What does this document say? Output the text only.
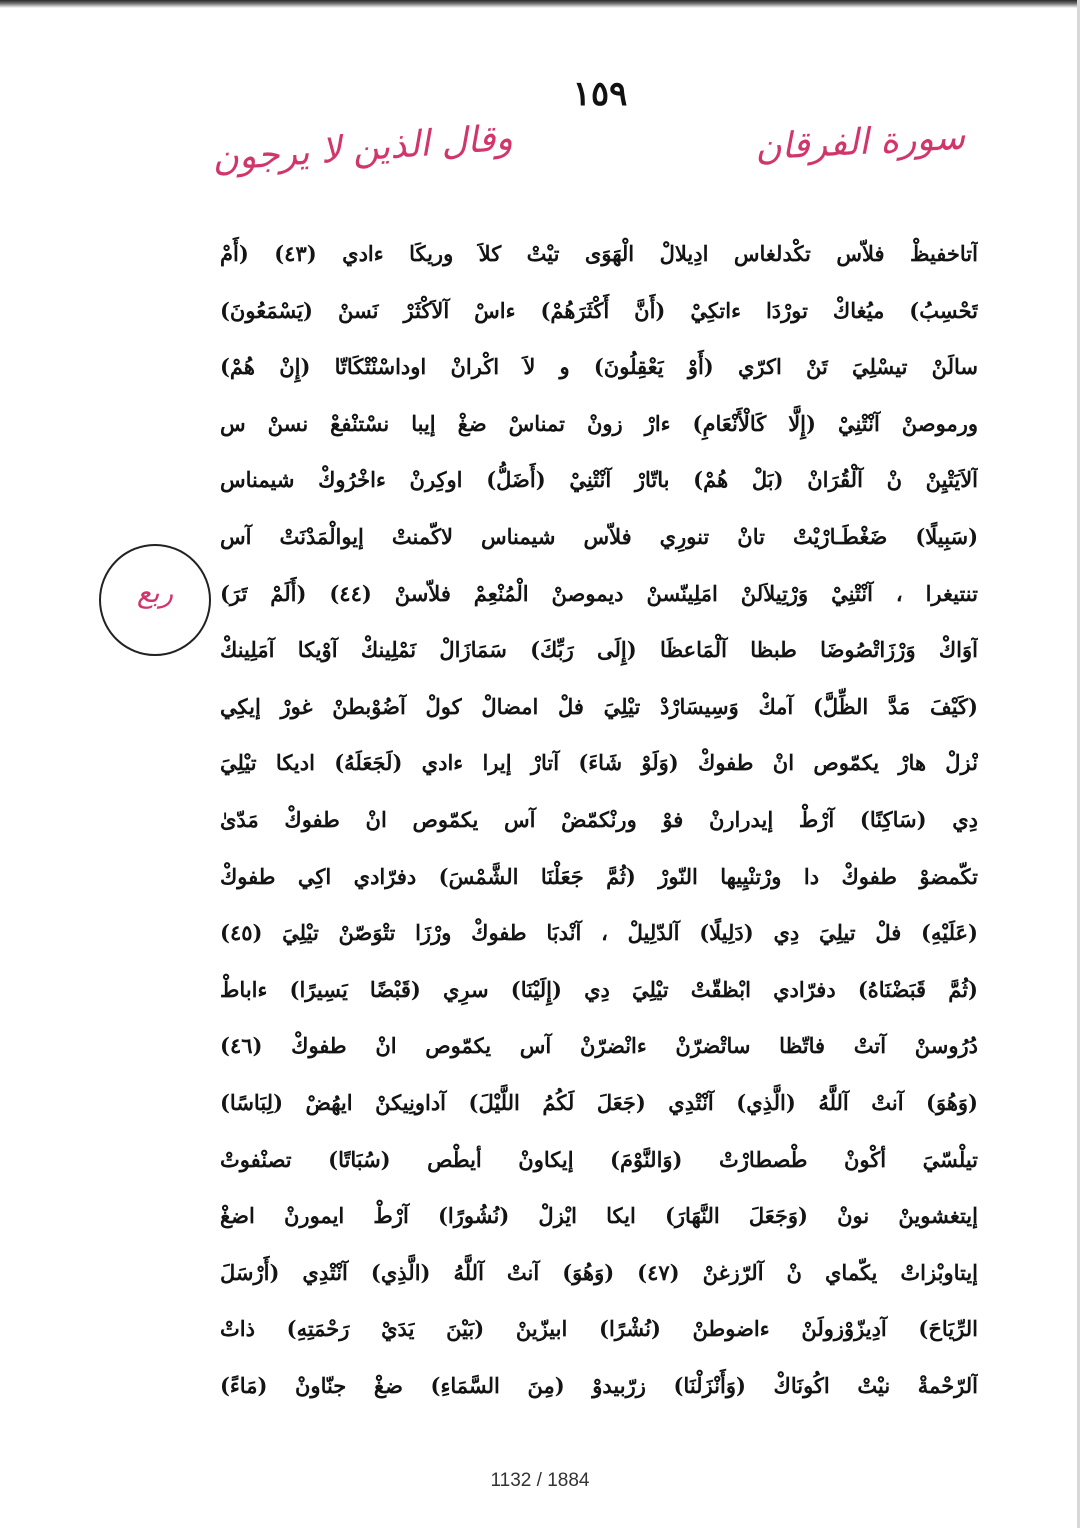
١٥٩
سورة الفرقان
وقال الذين لا يرجون
ربع
آتاخفيظْ فلاّس تكْدلغاس ادِيلالْ الْهَوَى تيْتْ كلاَ وريكَا ءادي (٤٣) (أَمْ
تَحْسِبُ) ميُغاكْ تورْدَا ءاتكِيْ (أَنَّ أَكْثَرَهُمْ) ءاسْ آلاَكْثَرْ نَسنْ (يَسْمَعُونَ)
سالَنْ تيسْلِيَ تَنْ اكرّي (أَوْ يَعْقِلُونَ) و لاَ اكْرانْ اوداسْنْتْكَاتّا (إِنْ هُمْ)
ورموصنْ آنْتْنِيْ (إِلَّا كَالْأَنْعَامِ) ءارْ زونْ تمناسْ ضغْ إيبا نسْتنْفعْ نسنْ س
آلاَيَتْيِنْ نْ آلْقُرَانْ (بَلْ هُمْ) باتّارْ آنْتْنِيْ (أَضَلُّ) اوكِرنْ ءاخْرُوكْ شيمناس
(سَبِيلًا) ضَغْطَـارْيْتْ تانْ تنورِي فلاّس شيمناس لاكّمنتْ إيوالْمَدْنَتْ آس
تنتيغرا ، آنْتْنِيْ وَرْتِيلاَلنْ امَلِينّسنْ ديموصنْ الْمُنْعِمْ فلاّسنْ (٤٤) (أَلَمْ تَرَ)
آوَاكْ وَرْزَاتْصُوضَا طبظا آلْمَاعظَا (إِلَى رَبِّكَ) سَمَازَالْ نَمْلِينكْ آوْيكا آمَلِينكْ
(كَيْفَ مَدَّ الظِّلَّ) آمكْ وَسِيسَارْدْ تيْلِيَ فلْ امضالْ كولْ آضُوْبطنْ غورْ إيكِي
نْزلْ هارْ يكمّوص انْ طفوكْ (وَلَوْ شَاءَ) آتارْ إيرا ءادي (لَجَعَلَهُ) اديكا تيْلِيَ
دِي (سَاكِنًا) آرْطْ إيدرارنْ فوْ ورنْكمّضْ آس يكمّوص انْ طفوكْ مَدّىٰ
تكّمضوْ طفوكْ دا ورْتنْيِيها النّورْ (ثُمَّ جَعَلْنَا الشَّمْسَ) دفرّادي اكِي طفوكْ
(عَلَيْهِ) فلْ تيلِيَ دِي (دَلِيلًا) آلدّلِيلْ ، آنْدبَا طفوكْ ورْزَا تتْوَصّنْ تيْلِيَ (٤٥)
(ثُمَّ قَبَضْنَاهُ) دفرّادي ابْظقّتْ تيْلِيَ دِي (إِلَيْنَا) سرِي (قَبْضًا يَسِيرًا) ءاباطْ
دُرُوسنْ آتتْ فاتّظا ساتْضرّنْ ءانْضرّنْ آس يكمّوص انْ طفوكْ (٤٦)
(وَهُوَ) آنتْ آللَّهُ (الَّذِي) آنْتْدِي (جَعَلَ لَكُمُ اللَّيْلَ) آداونِيكنْ ايهُضْ (لِبَاسًا)
تيلْسّيَ أكْونْ طْصطارْتْ (وَالنَّوْمَ) إيكاونْ أيطْص (سُبَاتًا) تصنْفوتْ
إيتغشوينْ نونْ (وَجَعَلَ النَّهَارَ) ايكا ايْزلْ (نُشُورًا) آرْطْ ايمورنْ اضغْ
إيتاوبْزاتْ يكّماي نْ آلرّزغنْ (٤٧) (وَهُوَ) آنتْ آللَّهُ (الَّذِي) آنْتْدِي (أَرْسَلَ
الرِّيَاحَ) آدِيزّوْزولَنْ ءاضوطنْ (نُشْرًا) ابيزّينْ (بَيْنَ يَدَيْ رَحْمَتِهِ) ذاتْ
آلرّحْمةْ نيْتْ اكُونَاكْ (وَأَنْزَلْنَا) زرّبيدوْ (مِنَ السَّمَاءِ) ضغْ جنّاونْ (مَاءً)
1132 / 1884
